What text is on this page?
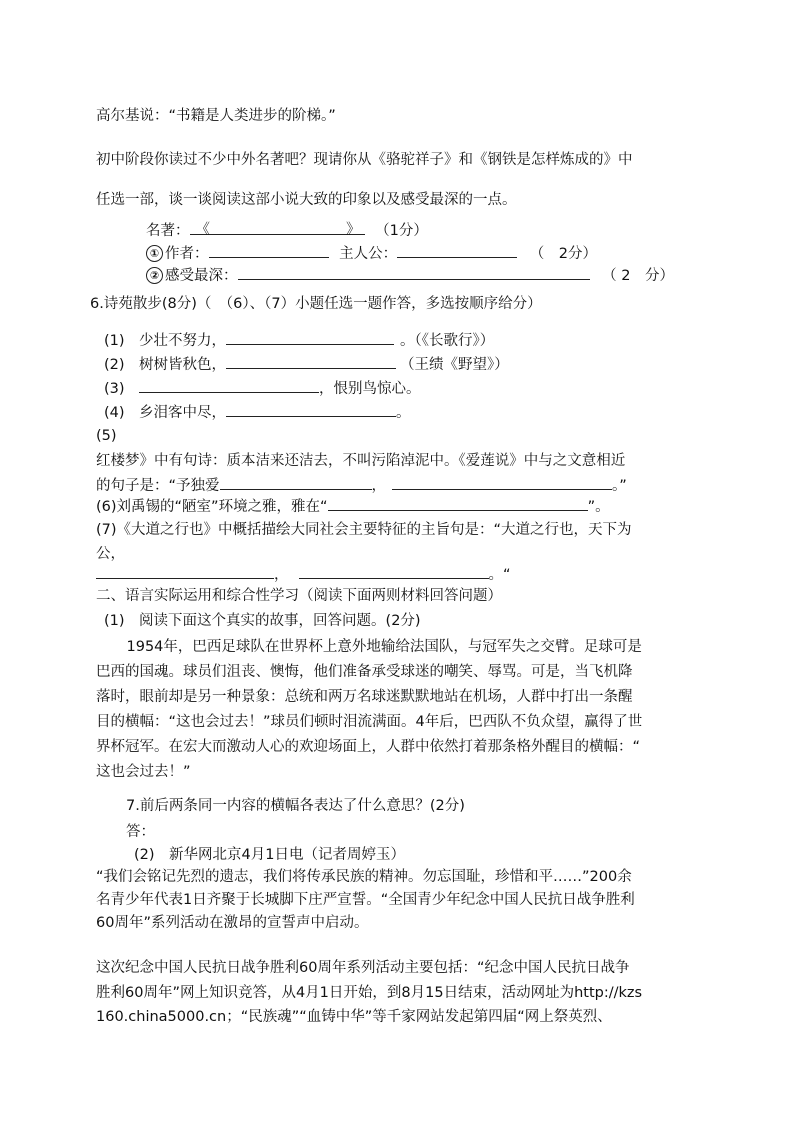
高尔基说：“书籍是人类进步的阶梯。”
初中阶段你读过不少中外名著吧？现请你从《骆驼祥子》和《钢铁是怎样炼成的》中
任选一部，谈一谈阅读这部小说大致的印象以及感受最深的一点。
名著： 《	》 （1分）
① 作者：	主人公：	（　2分）
② 感受最深：	（ 2　分）
6.诗苑散步(8分)（　（6）、（7）小题任选一题作答，多选按顺序给分）
(1)　少壮不努力，	。（《长歌行》）
(2)　树树皆秋色，	（王绩《野望》）
(3)　	，恨别鸟惊心。
(4)　乡泪客中尽，	。
(5)
红楼梦》中有句诗：质本洁来还洁去，不叫污陷淖泥中。《爱莲说》中与之文意相近
的句子是：“予独爱	，	。”
(6)刘禹锡的“陋室”环境之雅，雅在“	”。
(7)《大道之行也》中概括描绘大同社会主要特征的主旨句是：“大道之行也，天下为
公，
，	。“
二、语言实际运用和综合性学习（阅读下面两则材料回答问题）
(1)　阅读下面这个真实的故事，回答问题。(2分)
　1954年，巴西足球队在世界杯上意外地输给法国队，与冠军失之交臂。足球可是
巴西的国魂。球员们沮丧、懊悔，他们准备承受球迷的嘲笑、辱骂。可是，当飞机降
落时，眼前却是另一种景象：总统和两万名球迷默默地站在机场，人群中打出一条醒
目的横幅：“这也会过去！”球员们顿时泪流满面。4年后，巴西队不负众望，赢得了世
界杯冠军。在宏大而激动人心的欢迎场面上，人群中依然打着那条格外醒目的横幅：“
这也会过去！”
7.前后两条同一内容的横幅各表达了什么意思？(2分)
答：
(2)　新华网北京4月1日电（记者周婷玉）
“我们会铭记先烈的遗志，我们将传承民族的精神。勿忘国耻，珍惜和平……”200余
名青少年代表1日齐聚于长城脚下庄严宣誓。“全国青少年纪念中国人民抗日战争胜利
60周年”系列活动在激昂的宣誓声中启动。
这次纪念中国人民抗日战争胜利60周年系列活动主要包括：“纪念中国人民抗日战争
胜利60周年”网上知识竞答，从4月1日开始，到8月15日结束，活动网址为http://kzs
160.china5000.cn；“民族魂”“血铸中华”等千家网站发起第四届“网上祭英烈、
